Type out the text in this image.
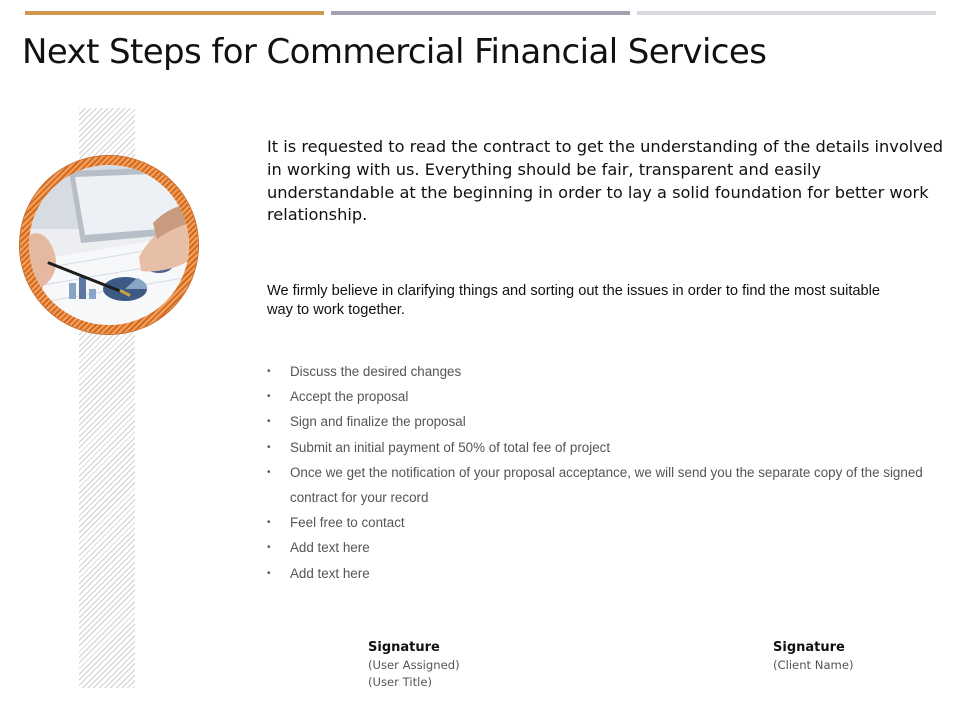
Next Steps for Commercial Financial Services

It is requested to read the contract to get the understanding of the details involved in working with us. Everything should be fair, transparent and easily understandable at the beginning in order to lay a solid foundation for better work relationship.

We firmly believe in clarifying things and sorting out the issues in order to find the most suitable way to work together.

• Discuss the desired changes
• Accept the proposal
• Sign and finalize the proposal
• Submit an initial payment of 50% of total fee of project
• Once we get the notification of your proposal acceptance, we will send you the separate copy of the signed contract for your record
• Feel free to contact
• Add text here
• Add text here
Signature
(User Assigned)
(User Title)
Signature
(Client Name)
